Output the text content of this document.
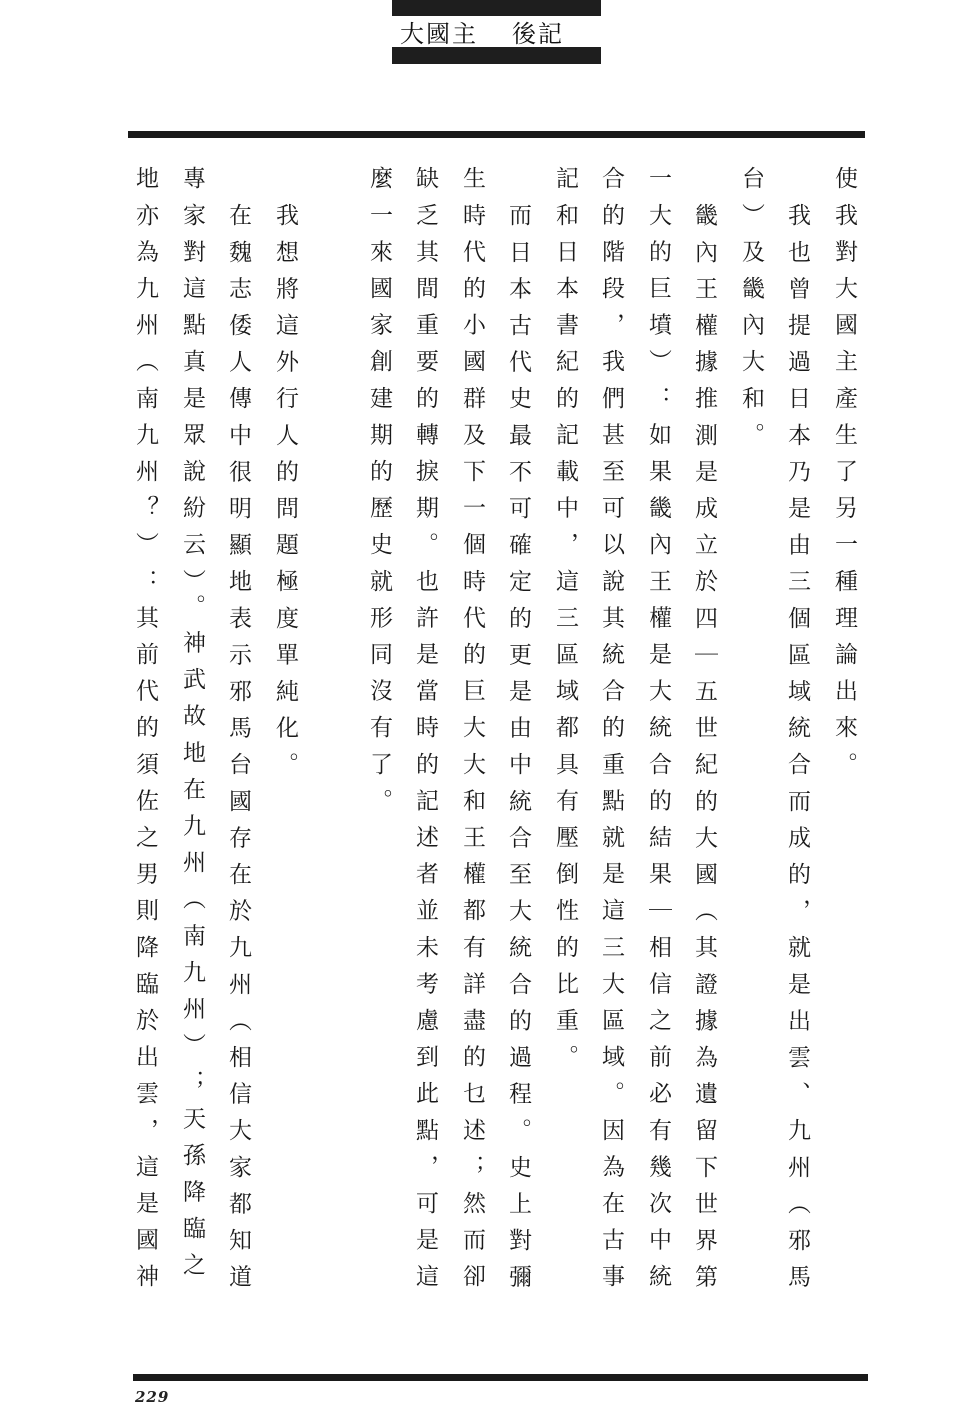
大國主 後記
使我對大國主產生了另一種理論出來。
我也曾提過日本乃是由三個區域統合而成的，就是出雲、九州（邪馬
台）及畿內大和。
畿內王權據推測是成立於四｜五世紀的大國（其證據為遺留下世界第
一大的巨墳）：如果畿內王權是大統合的結果｜相信之前必有幾次中統
合的階段，我們甚至可以說其統合的重點就是這三大區域。因為在古事
記和日本書紀的記載中，這三區域都具有壓倒性的比重。
而日本古代史最不可確定的更是由中統合至大統合的過程。史上對彌
生時代的小國群及下一個時代的巨大大和王權都有詳盡的乜述；然而卻
缺乏其間重要的轉捩期。也許是當時的記述者並未考慮到此點，可是這
麼一來國家創建期的歷史就形同沒有了。
我想將這外行人的問題極度單純化。
在魏志倭人傳中很明顯地表示邪馬台國存在於九州（相信大家都知道
專家對這點真是眾說紛云）。神武故地在九州（南九州）；天孫降臨之
地亦為九州（南九州？）：其前代的須佐之男則降臨於出雲，這是國神
229
